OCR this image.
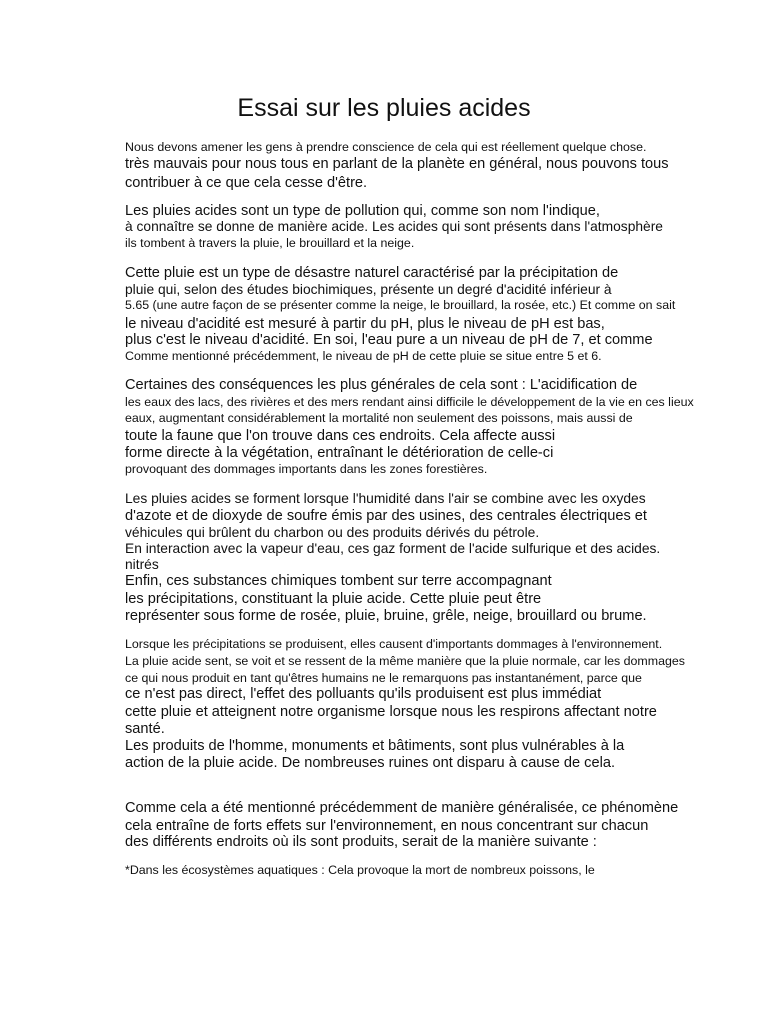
Essai sur les pluies acides
Nous devons amener les gens à prendre conscience de cela qui est réellement quelque chose.
très mauvais pour nous tous en parlant de la planète en général, nous pouvons tous
contribuer à ce que cela cesse d'être.
Les pluies acides sont un type de pollution qui, comme son nom l'indique,
à connaître se donne de manière acide. Les acides qui sont présents dans l'atmosphère
ils tombent à travers la pluie, le brouillard et la neige.
Cette pluie est un type de désastre naturel caractérisé par la précipitation de
pluie qui, selon des études biochimiques, présente un degré d'acidité inférieur à
5.65 (une autre façon de se présenter comme la neige, le brouillard, la rosée, etc.) Et comme on sait
le niveau d'acidité est mesuré à partir du pH, plus le niveau de pH est bas,
plus c'est le niveau d'acidité. En soi, l'eau pure a un niveau de pH de 7, et comme
Comme mentionné précédemment, le niveau de pH de cette pluie se situe entre 5 et 6.
Certaines des conséquences les plus générales de cela sont : L'acidification de
les eaux des lacs, des rivières et des mers rendant ainsi difficile le développement de la vie en ces lieux
eaux, augmentant considérablement la mortalité non seulement des poissons, mais aussi de
toute la faune que l'on trouve dans ces endroits. Cela affecte aussi
forme directe à la végétation, entraînant le détérioration de celle-ci
provoquant des dommages importants dans les zones forestières.
Les pluies acides se forment lorsque l'humidité dans l'air se combine avec les oxydes
d'azote et de dioxyde de soufre émis par des usines, des centrales électriques et
véhicules qui brûlent du charbon ou des produits dérivés du pétrole.
En interaction avec la vapeur d'eau, ces gaz forment de l'acide sulfurique et des acides.
nitrés
Enfin, ces substances chimiques tombent sur terre accompagnant
les précipitations, constituant la pluie acide. Cette pluie peut être
représenter sous forme de rosée, pluie, bruine, grêle, neige, brouillard ou brume.
Lorsque les précipitations se produisent, elles causent d'importants dommages à l'environnement.
La pluie acide sent, se voit et se ressent de la même manière que la pluie normale, car les dommages
ce qui nous produit en tant qu'êtres humains ne le remarquons pas instantanément, parce que
ce n'est pas direct, l'effet des polluants qu'ils produisent est plus immédiat
cette pluie et atteignent notre organisme lorsque nous les respirons affectant notre
santé.
Les produits de l'homme, monuments et bâtiments, sont plus vulnérables à la
action de la pluie acide. De nombreuses ruines ont disparu à cause de cela.
Comme cela a été mentionné précédemment de manière généralisée, ce phénomène
cela entraîne de forts effets sur l'environnement, en nous concentrant sur chacun
des différents endroits où ils sont produits, serait de la manière suivante :
*Dans les écosystèmes aquatiques : Cela provoque la mort de nombreux poissons, le
